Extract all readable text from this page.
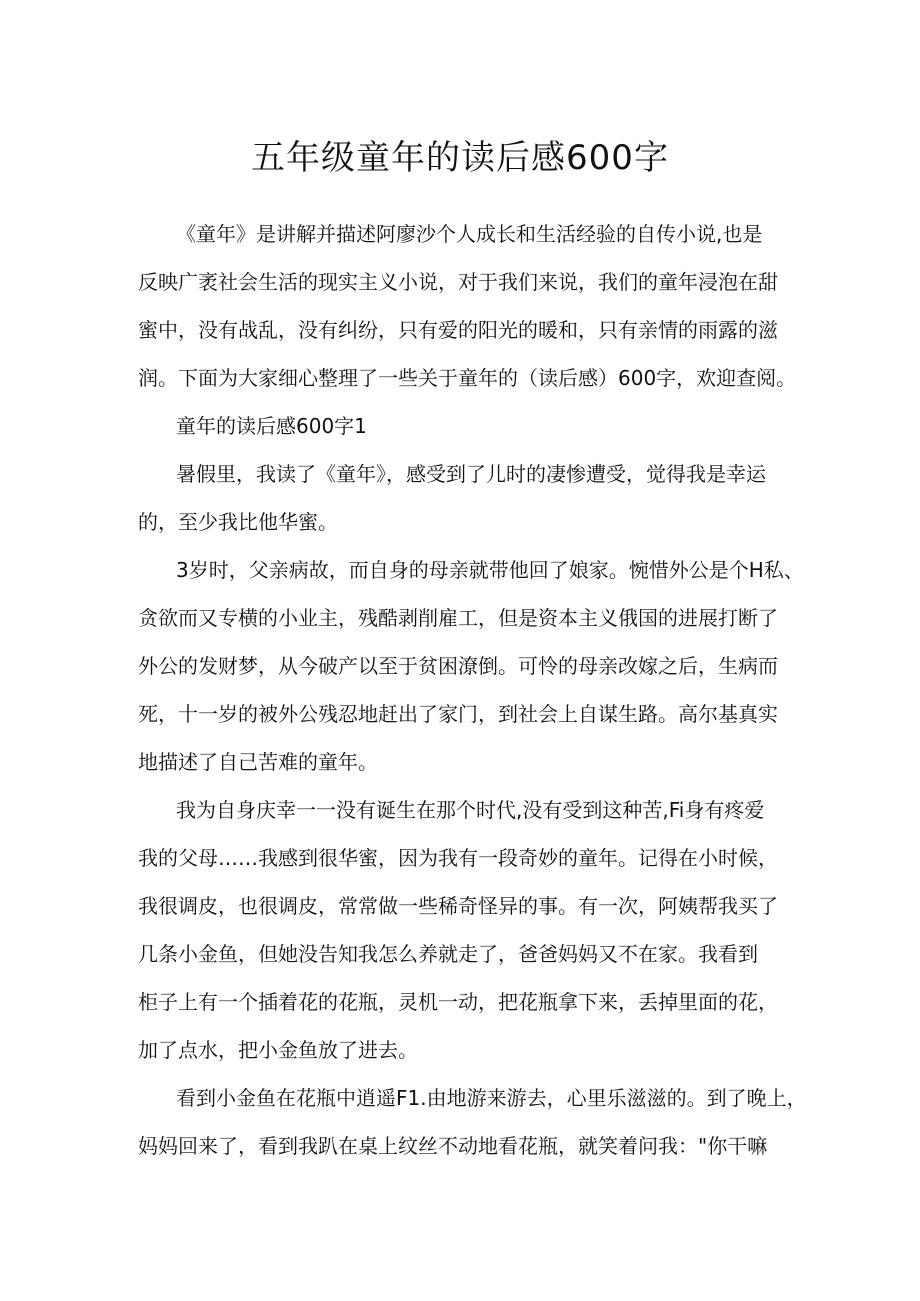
五年级童年的读后感600字
《童年》是讲解并描述阿廖沙个人成长和生活经验的自传小说,也是
反映广袤社会生活的现实主义小说，对于我们来说，我们的童年浸泡在甜
蜜中，没有战乱，没有纠纷，只有爱的阳光的暖和，只有亲情的雨露的滋
润。下面为大家细心整理了一些关于童年的（读后感）600字，欢迎查阅。
童年的读后感600字1
暑假里，我读了《童年》，感受到了儿时的凄惨遭受，觉得我是幸运
的，至少我比他华蜜。
3岁时，父亲病故，而自身的母亲就带他回了娘家。惋惜外公是个H私、
贪欲而又专横的小业主，残酷剥削雇工，但是资本主义俄国的进展打断了
外公的发财梦，从今破产以至于贫困潦倒。可怜的母亲改嫁之后，生病而
死，十一岁的被外公残忍地赶出了家门，到社会上自谋生路。高尔基真实
地描述了自己苦难的童年。
我为自身庆幸一一没有诞生在那个时代,没有受到这种苦,Fi身有疼爱
我的父母……我感到很华蜜，因为我有一段奇妙的童年。记得在小时候，
我很调皮，也很调皮，常常做一些稀奇怪异的事。有一次，阿姨帮我买了
几条小金鱼，但她没告知我怎么养就走了，爸爸妈妈又不在家。我看到
柜子上有一个插着花的花瓶，灵机一动，把花瓶拿下来，丢掉里面的花，
加了点水，把小金鱼放了进去。
看到小金鱼在花瓶中逍遥F1.由地游来游去，心里乐滋滋的。到了晚上，
妈妈回来了，看到我趴在桌上纹丝不动地看花瓶，就笑着问我："你干嘛
